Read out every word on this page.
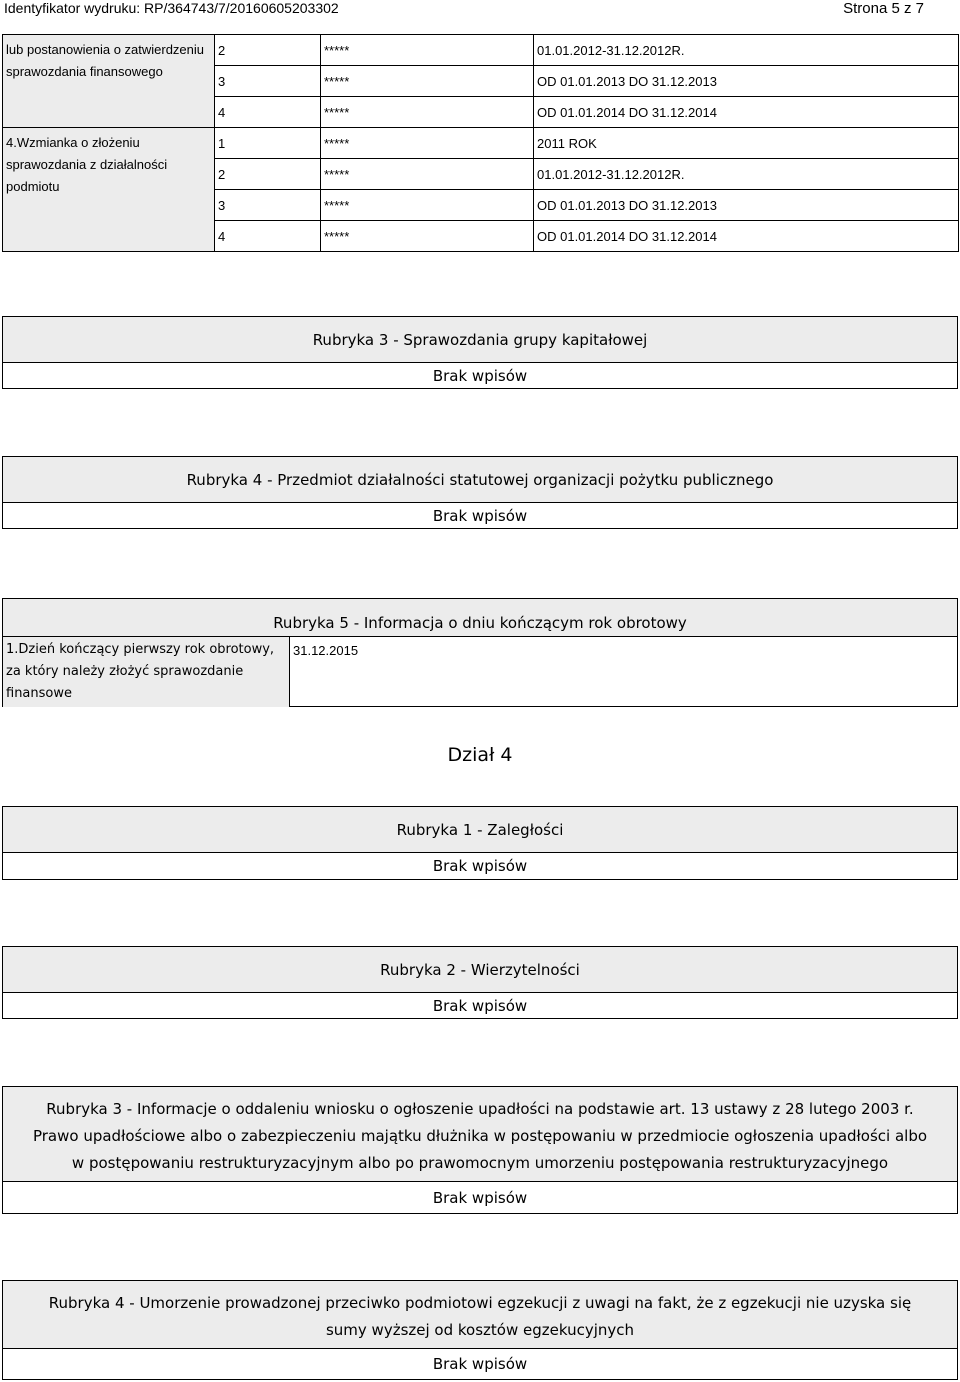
Identyfikator wydruku: RP/364743/7/20160605203302	Strona 5 z 7
lub postanowienia o zatwierdzeniu sprawozdania finansowego	2	*****	01.01.2012-31.12.2012R.
	3	*****	OD 01.01.2013 DO 31.12.2013
	4	*****	OD 01.01.2014 DO 31.12.2014
4.Wzmianka o złożeniu sprawozdania z działalności podmiotu	1	*****	2011 ROK
	2	*****	01.01.2012-31.12.2012R.
	3	*****	OD 01.01.2013 DO 31.12.2013
	4	*****	OD 01.01.2014 DO 31.12.2014
Rubryka 3 - Sprawozdania grupy kapitałowej
Brak wpisów
Rubryka 4 - Przedmiot działalności statutowej organizacji pożytku publicznego
Brak wpisów
Rubryka 5 - Informacja o dniu kończącym rok obrotowy
1.Dzień kończący pierwszy rok obrotowy, za który należy złożyć sprawozdanie finansowe
31.12.2015
Dział 4
Rubryka 1 - Zaległości
Brak wpisów
Rubryka 2 - Wierzytelności
Brak wpisów
Rubryka 3 - Informacje o oddaleniu wniosku o ogłoszenie upadłości na podstawie art. 13 ustawy z 28 lutego 2003 r.
Prawo upadłościowe albo o zabezpieczeniu majątku dłużnika w postępowaniu w przedmiocie ogłoszenia upadłości albo
w postępowaniu restrukturyzacyjnym albo po prawomocnym umorzeniu postępowania restrukturyzacyjnego
Brak wpisów
Rubryka 4 - Umorzenie prowadzonej przeciwko podmiotowi egzekucji z uwagi na fakt, że z egzekucji nie uzyska się
sumy wyższej od kosztów egzekucyjnych
Brak wpisów
